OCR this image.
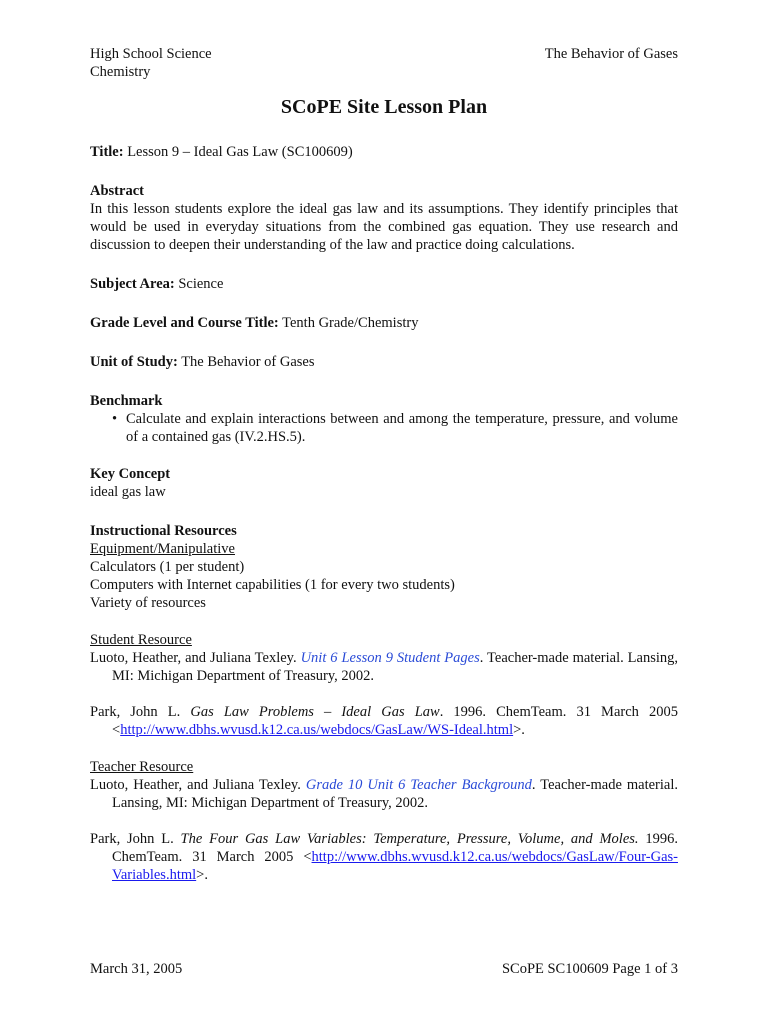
High School Science
Chemistry
The Behavior of Gases
SCoPE Site Lesson Plan
Title: Lesson 9 – Ideal Gas Law (SC100609)
Abstract
In this lesson students explore the ideal gas law and its assumptions. They identify principles that would be used in everyday situations from the combined gas equation. They use research and discussion to deepen their understanding of the law and practice doing calculations.
Subject Area: Science
Grade Level and Course Title: Tenth Grade/Chemistry
Unit of Study: The Behavior of Gases
Benchmark
• Calculate and explain interactions between and among the temperature, pressure, and volume of a contained gas (IV.2.HS.5).
Key Concept
ideal gas law
Instructional Resources
Equipment/Manipulative
Calculators (1 per student)
Computers with Internet capabilities (1 for every two students)
Variety of resources
Student Resource
Luoto, Heather, and Juliana Texley. Unit 6 Lesson 9 Student Pages. Teacher-made material. Lansing, MI: Michigan Department of Treasury, 2002.
Park, John L. Gas Law Problems – Ideal Gas Law. 1996. ChemTeam. 31 March 2005 <http://www.dbhs.wvusd.k12.ca.us/webdocs/GasLaw/WS-Ideal.html>.
Teacher Resource
Luoto, Heather, and Juliana Texley. Grade 10 Unit 6 Teacher Background. Teacher-made material. Lansing, MI: Michigan Department of Treasury, 2002.
Park, John L. The Four Gas Law Variables: Temperature, Pressure, Volume, and Moles. 1996. ChemTeam. 31 March 2005 <http://www.dbhs.wvusd.k12.ca.us/webdocs/GasLaw/Four-Gas-Variables.html>.
March 31, 2005	SCoPE SC100609 Page 1 of 3
